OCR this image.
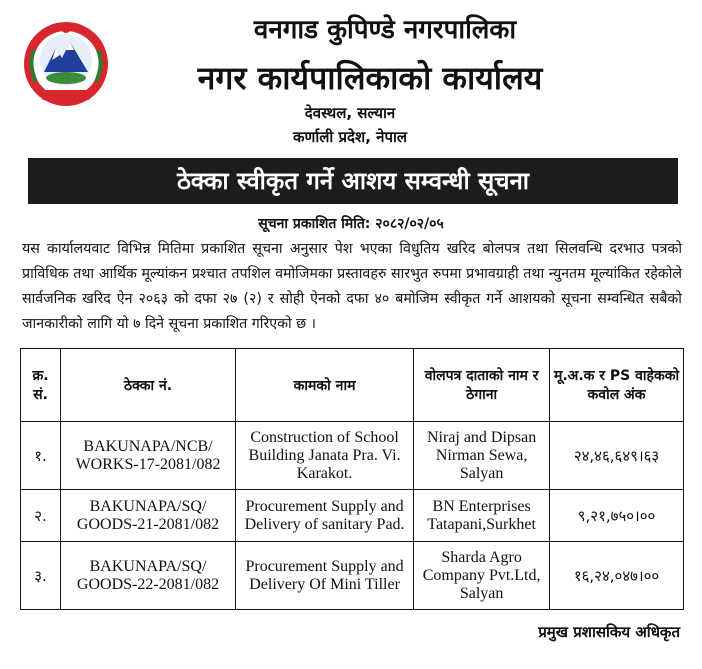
वनगाड कुपिण्डे नगरपालिका
नगर कार्यपालिकाको कार्यालय
देवस्थल, सल्यान
कर्णाली प्रदेश, नेपाल
ठेक्का स्वीकृत गर्ने आशय सम्वन्धी सूचना
सूचना प्रकाशित मिति: २०८२/०२/०५
यस कार्यालयवाट विभिन्न मितिमा प्रकाशित सूचना अनुसार पेश भएका विधुतिय खरिद बोलपत्र तथा सिलवन्धि दरभाउ पत्रको प्राविधिक तथा आर्थिक मूल्यांकन प्रश्चात तपशिल वमोजिमका प्रस्तावहरु सारभुत रुपमा प्रभावग्राही तथा न्युनतम मूल्यांकित रहेकोले सार्वजनिक खरिद ऐन २०६३ को दफा २७ (२) र सोही ऐनको दफा ४० बमोजिम स्वीकृत गर्ने आशयको सूचना सम्वन्धित सबैको जानकारीको लागि यो ७ दिने सूचना प्रकाशित गरिएको छ ।
क्र. सं.	ठेक्का नं.	कामको नाम	वोलपत्र दाताको नाम र ठेगाना	मू.अ.क र PS वाहेकको कवोल अंक
१.	BAKUNAPA/NCB/ WORKS-17-2081/082	Construction of School Building Janata Pra. Vi. Karakot.	Niraj and Dipsan Nirman Sewa, Salyan	२४,४६,६४९।६३
२.	BAKUNAPA/SQ/ GOODS-21-2081/082	Procurement Supply and Delivery of sanitary Pad.	BN Enterprises Tatapani,Surkhet	९,२१,७५०।००
३.	BAKUNAPA/SQ/ GOODS-22-2081/082	Procurement Supply and Delivery Of Mini Tiller	Sharda Agro Company Pvt.Ltd, Salyan	१६,२४,०४७।००
प्रमुख प्रशासकिय अधिकृत
